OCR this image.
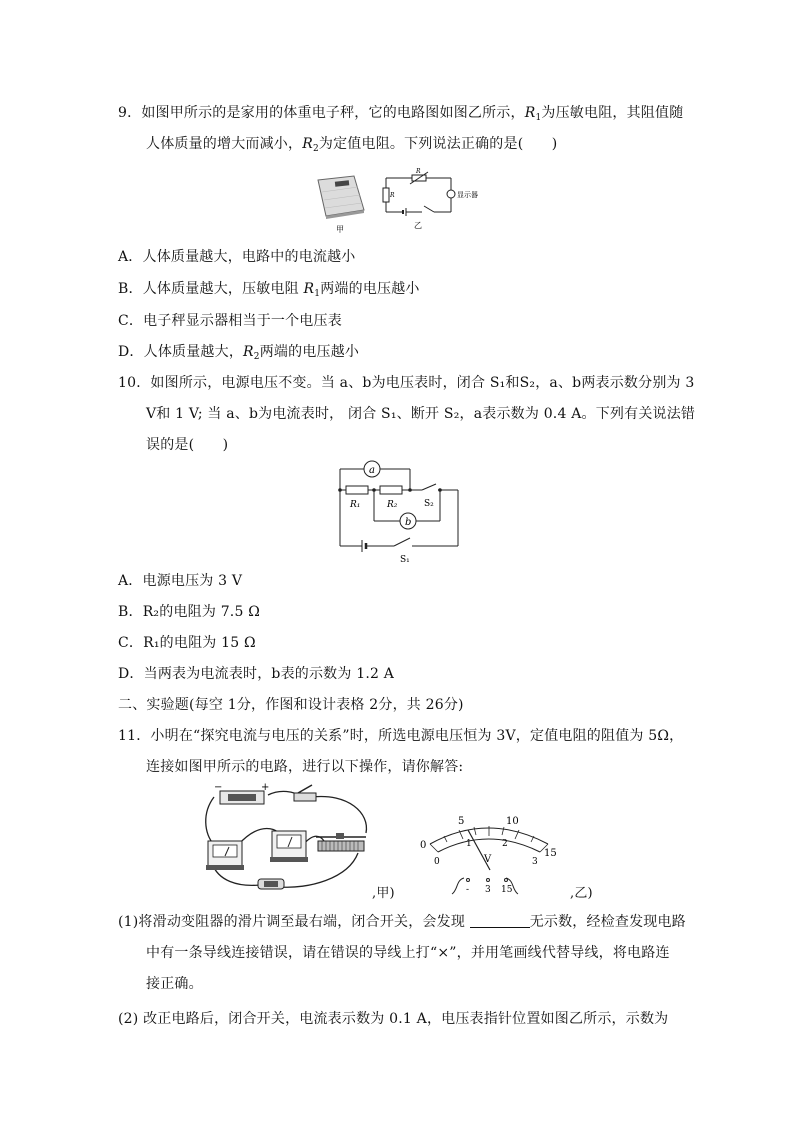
9．如图甲所示的是家用的体重电子秤，它的电路图如图乙所示，$R_1$为压敏电阻，其阻值随
人体质量的增大而减小，$R_2$为定值电阻。下列说法正确的是(　　)
甲
R
R	显示器
乙
A．人体质量越大，电路中的电流越小
B．人体质量越大，压敏电阻 $R_1$两端的电压越小
C．电子秤显示器相当于一个电压表
D．人体质量越大，$R_2$两端的电压越小
10．如图所示，电源电压不变。当 a、b为电压表时，闭合 S₁和S₂，a、b两表示数分别为 3
V和 1 V; 当 a、b为电流表时， 闭合 S₁、断开 S₂，a表示数为 0.4 A。下列有关说法错
误的是(　　)
a
b
R₁	R₂	S₂
S₁
A．电源电压为 3 V
B．R₂的电阻为 7.5 Ω
C．R₁的电阻为 15 Ω
D．当两表为电流表时，b表的示数为 1.2 A
二、实验题(每空 1分，作图和设计表格 2分，共 26分)
11．小明在“探究电流与电压的关系”时，所选电源电压恒为 3V，定值电阻的阻值为 5Ω，
连接如图甲所示的电路，进行以下操作，请你解答:
−	+
,甲)
0
5	10
15
0
1	2
3
V
- 3 15	,乙)
(1)将滑动变阻器的滑片调至最右端，闭合开关，会发现	无示数，经检查发现电路
中有一条导线连接错误，请在错误的导线上打“×”，并用笔画线代替导线，将电路连
接正确。
(2) 改正电路后，闭合开关，电流表示数为 0.1 A，电压表指针位置如图乙所示，示数为
